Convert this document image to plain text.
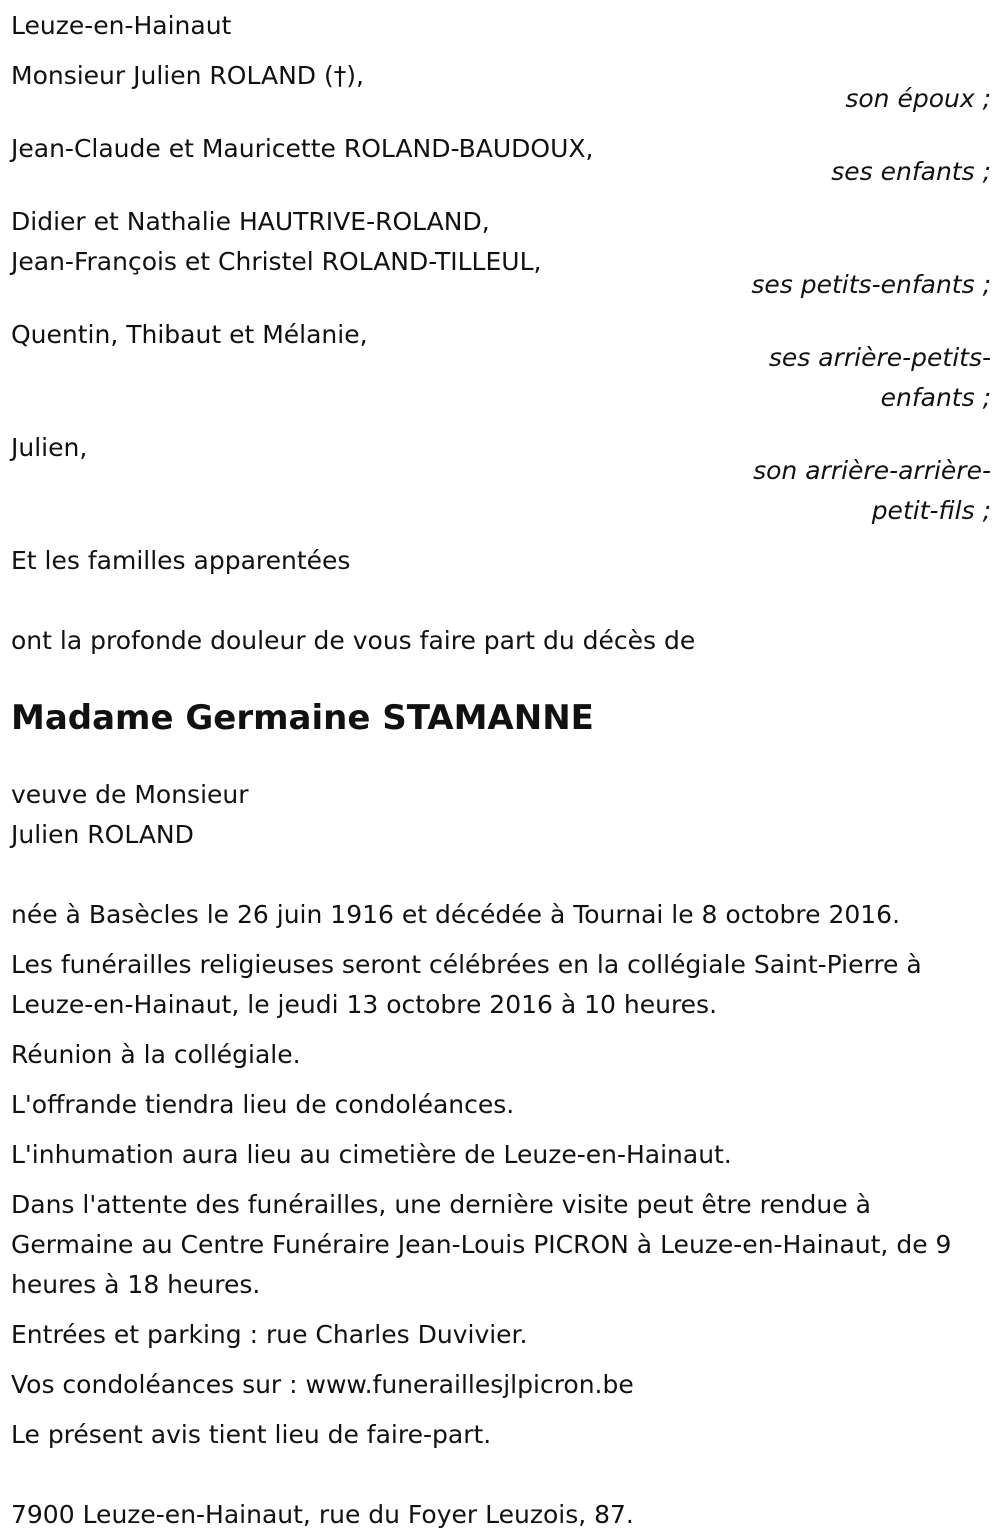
Leuze-en-Hainaut
Monsieur Julien ROLAND (†),
son époux ;
Jean-Claude et Mauricette ROLAND-BAUDOUX,
ses enfants ;
Didier et Nathalie HAUTRIVE-ROLAND,
Jean-François et Christel ROLAND-TILLEUL,
ses petits-enfants ;
Quentin, Thibaut et Mélanie,
ses arrière-petits-
enfants ;
Julien,
son arrière-arrière-
petit-fils ;
Et les familles apparentées
ont la profonde douleur de vous faire part du décès de
Madame Germaine STAMANNE
veuve de Monsieur
Julien ROLAND

née à Basècles le 26 juin 1916 et décédée à Tournai le 8 octobre 2016.

Les funérailles religieuses seront célébrées en la collégiale Saint-Pierre à Leuze-en-Hainaut, le jeudi 13 octobre 2016 à 10 heures.

Réunion à la collégiale.

L'offrande tiendra lieu de condoléances.

L'inhumation aura lieu au cimetière de Leuze-en-Hainaut.

Dans l'attente des funérailles, une dernière visite peut être rendue à Germaine au Centre Funéraire Jean-Louis PICRON à Leuze-en-Hainaut, de 9 heures à 18 heures.

Entrées et parking : rue Charles Duvivier.

Vos condoléances sur : www.funeraillesjlpicron.be

Le présent avis tient lieu de faire-part.

7900 Leuze-en-Hainaut, rue du Foyer Leuzois, 87.
